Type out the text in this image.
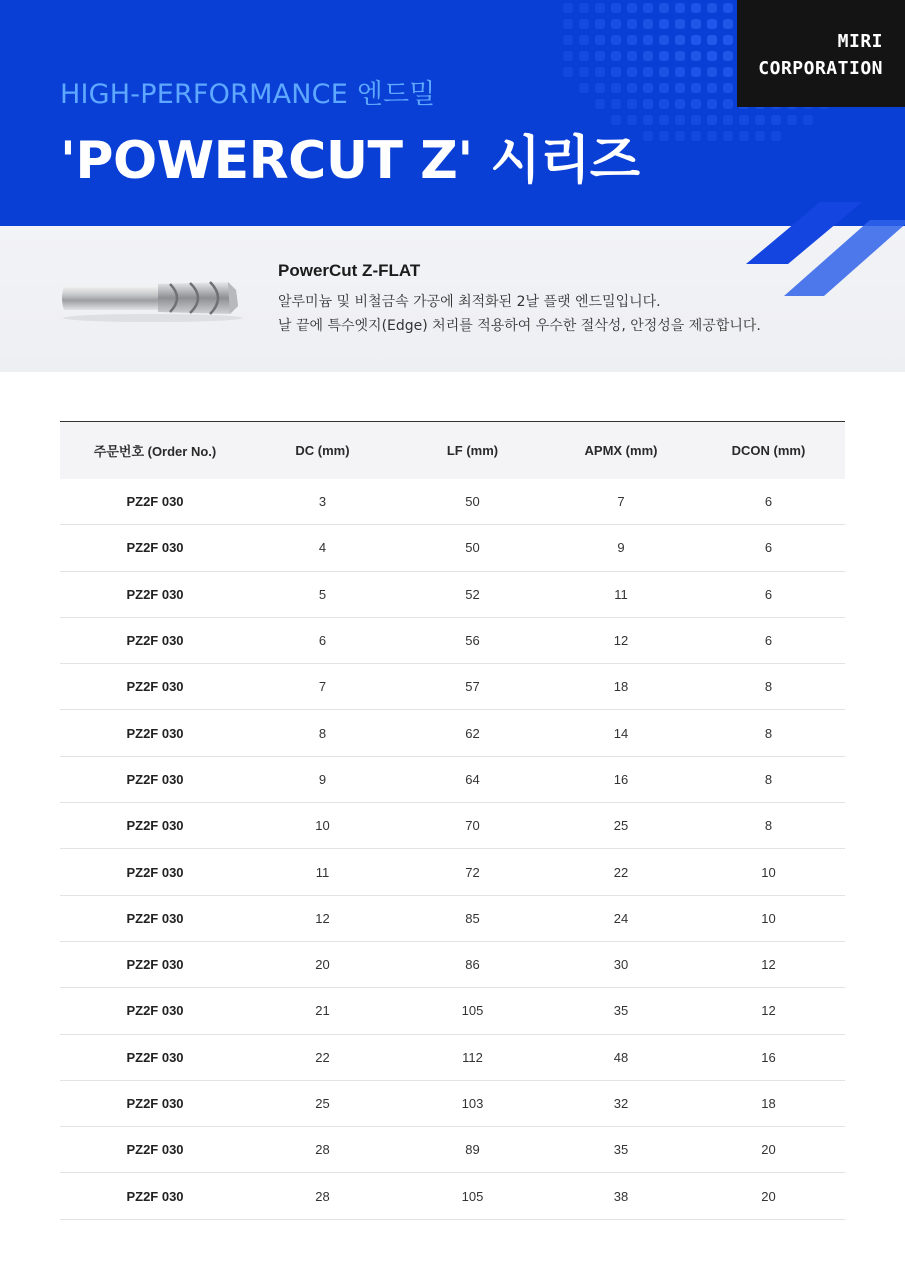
HIGH-PERFORMANCE 엔드밀
'POWERCUT Z' 시리즈
MIRI
CORPORATION
PowerCut Z-FLAT
알루미늄 및 비철금속 가공에 최적화된 2날 플랫 엔드밀입니다.
날 끝에 특수엣지(Edge) 처리를 적용하여 우수한 절삭성, 안정성을 제공합니다.
주문번호 (Order No.)	DC (mm)	LF (mm)	APMX (mm)	DCON (mm)
PZ2F 030	3	50	7	6
PZ2F 030	4	50	9	6
PZ2F 030	5	52	11	6
PZ2F 030	6	56	12	6
PZ2F 030	7	57	18	8
PZ2F 030	8	62	14	8
PZ2F 030	9	64	16	8
PZ2F 030	10	70	25	8
PZ2F 030	11	72	22	10
PZ2F 030	12	85	24	10
PZ2F 030	20	86	30	12
PZ2F 030	21	105	35	12
PZ2F 030	22	112	48	16
PZ2F 030	25	103	32	18
PZ2F 030	28	89	35	20
PZ2F 030	28	105	38	20
